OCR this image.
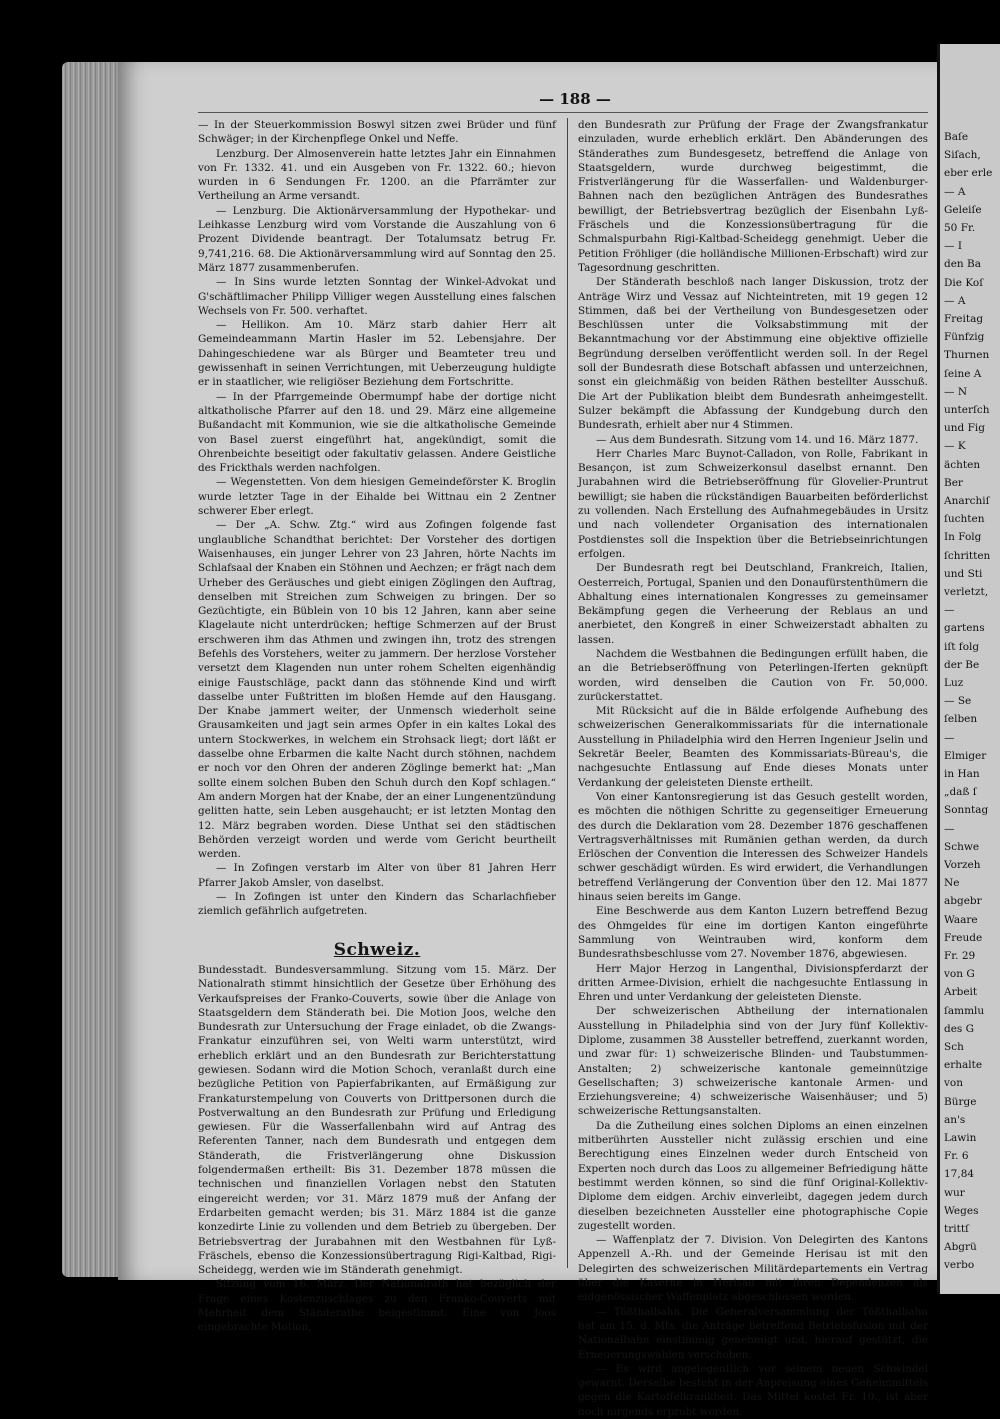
Baſe
Siſach,
eber erle
— A
Geleiſe
50 Fr.
— I
den Ba
Die Koſ
— A
Freitag
Fünfzig
Thurnen
ſeine A
— N
unterſch
und Fig
— K
ächten
Ber
Anarchiſ
ſuchten
In Folg
ſchritten
und Sti
verletzt,
—
gartens
iſt folg
der Be
Luz
— Se
ſelben
—
Elmiger
in Han
„daß ſ
Sonntag
—
Schwe
Vorzeh
Ne
abgebr
Waare
Freude
Fr. 29
von G
Arbeit
ſammlu
des G
Sch
erhalte
von
Bürge
an's
Lawin
Fr. 6
17,84
wur
Weges
trittſ
Abgrü
verbo
— 188 —

— In der Steuerkommission Boswyl sitzen zwei Brüder und fünf Schwäger; in der Kirchenpflege Onkel und Neffe.

Lenzburg. Der Almosenverein hatte letztes Jahr ein Einnahmen von Fr. 1332. 41. und ein Ausgeben von Fr. 1322. 60.; hievon wurden in 6 Sendungen Fr. 1200. an die Pfarrämter zur Vertheilung an Arme versandt.

— Lenzburg. Die Aktionärversammlung der Hypothekar- und Leihkasse Lenzburg wird vom Vorstande die Auszahlung von 6 Prozent Dividende beantragt. Der Totalumsatz betrug Fr. 9,741,216. 68. Die Aktionärversammlung wird auf Sonntag den 25. März 1877 zusammenberufen.

— In Sins wurde letzten Sonntag der Winkel-Advokat und G'schäftlimacher Philipp Villiger wegen Ausstellung eines falschen Wechsels von Fr. 500. verhaftet.

— Hellikon. Am 10. März starb dahier Herr alt Gemeindeammann Martin Hasler im 52. Lebensjahre. Der Dahingeschiedene war als Bürger und Beamteter treu und gewissenhaft in seinen Verrichtungen, mit Ueberzeugung huldigte er in staatlicher, wie religiöser Beziehung dem Fortschritte.

— In der Pfarrgemeinde Obermumpf habe der dortige nicht altkatholische Pfarrer auf den 18. und 29. März eine allgemeine Bußandacht mit Kommunion, wie sie die altkatholische Gemeinde von Basel zuerst eingeführt hat, angekündigt, somit die Ohrenbeichte beseitigt oder fakultativ gelassen. Andere Geistliche des Frickthals werden nachfolgen.

— Wegenstetten. Von dem hiesigen Gemeindeförster K. Broglin wurde letzter Tage in der Eihalde bei Wittnau ein 2 Zentner schwerer Eber erlegt.

— Der „A. Schw. Ztg.“ wird aus Zofingen folgende fast unglaubliche Schandthat berichtet: Der Vorsteher des dortigen Waisenhauses, ein junger Lehrer von 23 Jahren, hörte Nachts im Schlafsaal der Knaben ein Stöhnen und Aechzen; er frägt nach dem Urheber des Geräusches und giebt einigen Zöglingen den Auftrag, denselben mit Streichen zum Schweigen zu bringen. Der so Gezüchtigte, ein Büblein von 10 bis 12 Jahren, kann aber seine Klagelaute nicht unterdrücken; heftige Schmerzen auf der Brust erschweren ihm das Athmen und zwingen ihn, trotz des strengen Befehls des Vorstehers, weiter zu jammern. Der herzlose Vorsteher versetzt dem Klagenden nun unter rohem Schelten eigenhändig einige Faustschläge, packt dann das stöhnende Kind und wirft dasselbe unter Fußtritten im bloßen Hemde auf den Hausgang. Der Knabe jammert weiter, der Unmensch wiederholt seine Grausamkeiten und jagt sein armes Opfer in ein kaltes Lokal des untern Stockwerkes, in welchem ein Strohsack liegt; dort läßt er dasselbe ohne Erbarmen die kalte Nacht durch stöhnen, nachdem er noch vor den Ohren der anderen Zöglinge bemerkt hat: „Man sollte einem solchen Buben den Schuh durch den Kopf schlagen.“ Am andern Morgen hat der Knabe, der an einer Lungenentzündung gelitten hatte, sein Leben ausgehaucht; er ist letzten Montag den 12. März begraben worden. Diese Unthat sei den städtischen Behörden verzeigt worden und werde vom Gericht beurtheilt werden.

— In Zofingen verstarb im Alter von über 81 Jahren Herr Pfarrer Jakob Amsler, von daselbst.

— In Zofingen ist unter den Kindern das Scharlachfieber ziemlich gefährlich aufgetreten.

Schweiz.

Bundesstadt. Bundesversammlung. Sitzung vom 15. März. Der Nationalrath stimmt hinsichtlich der Gesetze über Erhöhung des Verkaufspreises der Franko-Couverts, sowie über die Anlage von Staatsgeldern dem Ständerath bei. Die Motion Joos, welche den Bundesrath zur Untersuchung der Frage einladet, ob die Zwangs-Frankatur einzuführen sei, von Welti warm unterstützt, wird erheblich erklärt und an den Bundesrath zur Berichterstattung gewiesen. Sodann wird die Motion Schoch, veranlaßt durch eine bezügliche Petition von Papierfabrikanten, auf Ermäßigung zur Frankaturstempelung von Couverts von Drittpersonen durch die Postverwaltung an den Bundesrath zur Prüfung und Erledigung gewiesen. Für die Wasserfallenbahn wird auf Antrag des Referenten Tanner, nach dem Bundesrath und entgegen dem Ständerath, die Fristverlängerung ohne Diskussion folgendermaßen ertheilt: Bis 31. Dezember 1878 müssen die technischen und finanziellen Vorlagen nebst den Statuten eingereicht werden; vor 31. März 1879 muß der Anfang der Erdarbeiten gemacht werden; bis 31. März 1884 ist die ganze konzedirte Linie zu vollenden und dem Betrieb zu übergeben. Der Betriebsvertrag der Jurabahnen mit den Westbahnen für Lyß-Fräschels, ebenso die Konzessionsübertragung Rigi-Kaltbad, Rigi-Scheidegg, werden wie im Ständerath genehmigt.

Sitzung vom 16. März. Der Nationalrath hat bezüglich der Frage eines Kostenzuschlages zu den Franko-Couverts mit Mehrheit dem Ständerathe beigestimmt. Eine von Joos eingebrachte Motion,

den Bundesrath zur Prüfung der Frage der Zwangsfrankatur einzuladen, wurde erheblich erklärt. Den Abänderungen des Ständerathes zum Bundesgesetz, betreffend die Anlage von Staatsgeldern, wurde durchweg beigestimmt, die Fristverlängerung für die Wasserfallen- und Waldenburger-Bahnen nach den bezüglichen Anträgen des Bundesrathes bewilligt, der Betriebsvertrag bezüglich der Eisenbahn Lyß-Fräschels und die Konzessionsübertragung für die Schmalspurbahn Rigi-Kaltbad-Scheidegg genehmigt. Ueber die Petition Fröhliger (die holländische Millionen-Erbschaft) wird zur Tagesordnung geschritten.

Der Ständerath beschloß nach langer Diskussion, trotz der Anträge Wirz und Vessaz auf Nichteintreten, mit 19 gegen 12 Stimmen, daß bei der Vertheilung von Bundesgesetzen oder Beschlüssen unter die Volksabstimmung mit der Bekanntmachung vor der Abstimmung eine objektive offizielle Begründung derselben veröffentlicht werden soll. In der Regel soll der Bundesrath diese Botschaft abfassen und unterzeichnen, sonst ein gleichmäßig von beiden Räthen bestellter Ausschuß. Die Art der Publikation bleibt dem Bundesrath anheimgestellt. Sulzer bekämpft die Abfassung der Kundgebung durch den Bundesrath, erhielt aber nur 4 Stimmen.

— Aus dem Bundesrath. Sitzung vom 14. und 16. März 1877.

Herr Charles Marc Buynot-Calladon, von Rolle, Fabrikant in Besançon, ist zum Schweizerkonsul daselbst ernannt. Den Jurabahnen wird die Betriebseröffnung für Glovelier-Pruntrut bewilligt; sie haben die rückständigen Bauarbeiten beförderlichst zu vollenden. Nach Erstellung des Aufnahmegebäudes in Ursitz und nach vollendeter Organisation des internationalen Postdienstes soll die Inspektion über die Betriebseinrichtungen erfolgen.

Der Bundesrath regt bei Deutschland, Frankreich, Italien, Oesterreich, Portugal, Spanien und den Donaufürstenthümern die Abhaltung eines internationalen Kongresses zu gemeinsamer Bekämpfung gegen die Verheerung der Reblaus an und anerbietet, den Kongreß in einer Schweizerstadt abhalten zu lassen.

Nachdem die Westbahnen die Bedingungen erfüllt haben, die an die Betriebseröffnung von Peterlingen-Iferten geknüpft worden, wird denselben die Caution von Fr. 50,000. zurückerstattet.

Mit Rücksicht auf die in Bälde erfolgende Aufhebung des schweizerischen Generalkommissariats für die internationale Ausstellung in Philadelphia wird den Herren Ingenieur Jselin und Sekretär Beeler, Beamten des Kommissariats-Büreau's, die nachgesuchte Entlassung auf Ende dieses Monats unter Verdankung der geleisteten Dienste ertheilt.

Von einer Kantonsregierung ist das Gesuch gestellt worden, es möchten die nöthigen Schritte zu gegenseitiger Erneuerung des durch die Deklaration vom 28. Dezember 1876 geschaffenen Vertragsverhältnisses mit Rumänien gethan werden, da durch Erlöschen der Convention die Interessen des Schweizer Handels schwer geschädigt würden. Es wird erwidert, die Verhandlungen betreffend Verlängerung der Convention über den 12. Mai 1877 hinaus seien bereits im Gange.

Eine Beschwerde aus dem Kanton Luzern betreffend Bezug des Ohmgeldes für eine im dortigen Kanton eingeführte Sammlung von Weintrauben wird, konform dem Bundesrathsbeschlusse vom 27. November 1876, abgewiesen.

Herr Major Herzog in Langenthal, Divisionspferdarzt der dritten Armee-Division, erhielt die nachgesuchte Entlassung in Ehren und unter Verdankung der geleisteten Dienste.

Der schweizerischen Abtheilung der internationalen Ausstellung in Philadelphia sind von der Jury fünf Kollektiv-Diplome, zusammen 38 Aussteller betreffend, zuerkannt worden, und zwar für: 1) schweizerische Blinden- und Taubstummen-Anstalten; 2) schweizerische kantonale gemeinnützige Gesellschaften; 3) schweizerische kantonale Armen- und Erziehungsvereine; 4) schweizerische Waisenhäuser; und 5) schweizerische Rettungsanstalten.

Da die Zutheilung eines solchen Diploms an einen einzelnen mitberührten Aussteller nicht zulässig erschien und eine Berechtigung eines Einzelnen weder durch Entscheid von Experten noch durch das Loos zu allgemeiner Befriedigung hätte bestimmt werden können, so sind die fünf Original-Kollektiv-Diplome dem eidgen. Archiv einverleibt, dagegen jedem durch dieselben bezeichneten Aussteller eine photographische Copie zugestellt worden.

— Waffenplatz der 7. Division. Von Delegirten des Kantons Appenzell A.-Rh. und der Gemeinde Herisau ist mit den Delegirten des schweizerischen Militärdepartements ein Vertrag über die Kaserne in Herisau mit ihren Dependenzen als eidgenössischer Waffenplatz abgeschlossen worden.

— Tößthalbahn. Die Generalversammlung der Tößthalbahn hat am 15. d. Mts. die Anträge betreffend Betriebsfusion mit der Nationalbahn einstimmig genehmigt und, hierauf gestützt, die Erneuerungswahlen verschoben.

— Es wird angelegentlich vor seinem neuen Schwindel gewarnt. Derselbe besteht in der Anpreisung eines Geheimmittels gegen die Kartoffelkrankheit. Das Mittel kostet Fr. 10., ist aber noch nirgends erprobt worden.
